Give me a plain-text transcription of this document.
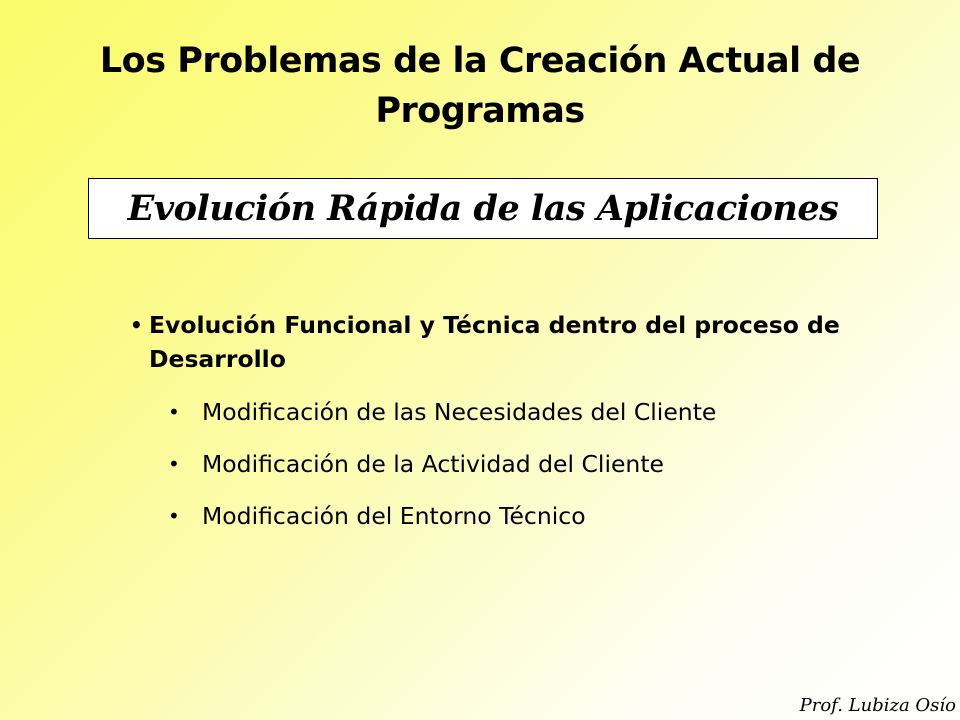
Los Problemas de la Creación Actual de Programas
Evolución Rápida de las Aplicaciones
• Evolución Funcional y Técnica dentro del proceso de Desarrollo
• Modificación de las Necesidades del Cliente
• Modificación de la Actividad del Cliente
• Modificación del Entorno Técnico
Prof. Lubiza Osío
